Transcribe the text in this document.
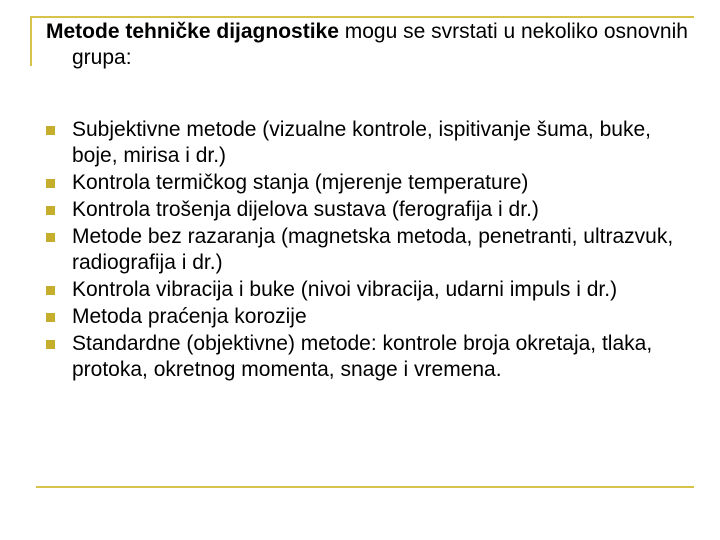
Metode tehničke dijagnostike mogu se svrstati u nekoliko osnovnih grupa:

Subjektivne metode (vizualne kontrole, ispitivanje šuma, buke, boje, mirisa i dr.)
Kontrola termičkog stanja (mjerenje temperature)
Kontrola trošenja dijelova sustava (ferografija i dr.)
Metode bez razaranja (magnetska metoda, penetranti, ultrazvuk, radiografija i dr.)
Kontrola vibracija i buke (nivoi vibracija, udarni impuls i dr.)
Metoda praćenja korozije
Standardne (objektivne) metode: kontrole broja okretaja, tlaka, protoka, okretnog momenta, snage i vremena.
